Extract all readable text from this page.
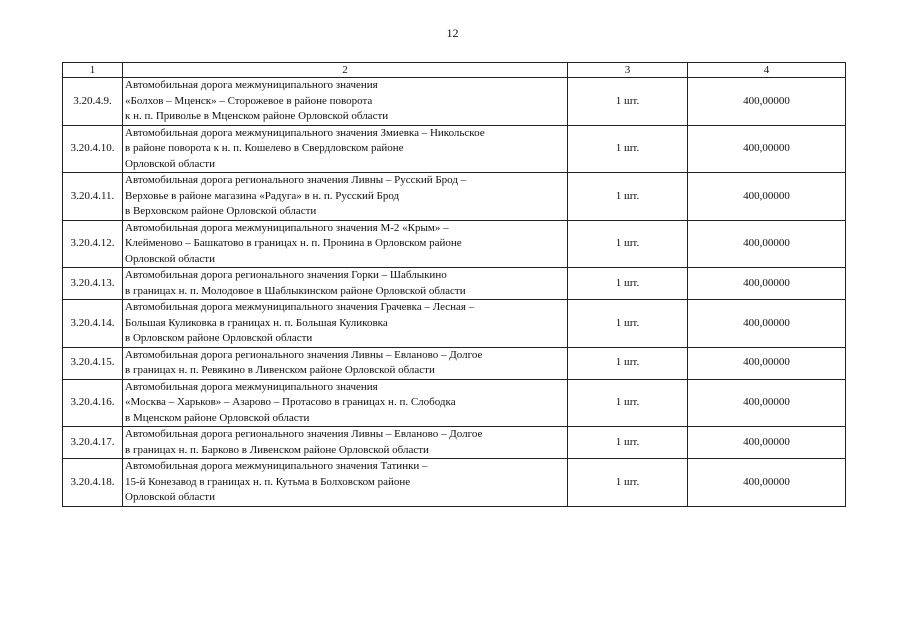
12
1	2	3	4
3.20.4.9.	Автомобильная дорога межмуниципального значения
«Болхов – Мценск» – Сторожевое в районе поворота
к н. п. Приволье в Мценском районе Орловской области	1 шт.	400,00000
3.20.4.10.	Автомобильная дорога межмуниципального значения Змиевка – Никольское
в районе поворота к н. п. Кошелево в Свердловском районе
Орловской области	1 шт.	400,00000
3.20.4.11.	Автомобильная дорога регионального значения Ливны – Русский Брод –
Верховье в районе магазина «Радуга» в н. п. Русский Брод
в Верховском районе Орловской области	1 шт.	400,00000
3.20.4.12.	Автомобильная дорога межмуниципального значения М-2 «Крым» –
Клейменово – Башкатово в границах н. п. Пронина в Орловском районе
Орловской области	1 шт.	400,00000
3.20.4.13.	Автомобильная дорога регионального значения Горки – Шаблыкино
в границах н. п. Молодовое в Шаблыкинском районе Орловской области	1 шт.	400,00000
3.20.4.14.	Автомобильная дорога межмуниципального значения Грачевка – Лесная –
Большая Куликовка в границах н. п. Большая Куликовка
в Орловском районе Орловской области	1 шт.	400,00000
3.20.4.15.	Автомобильная дорога регионального значения Ливны – Евланово – Долгое
в границах н. п. Ревякино в Ливенском районе Орловской области	1 шт.	400,00000
3.20.4.16.	Автомобильная дорога межмуниципального значения
«Москва – Харьков» – Азарово – Протасово в границах н. п. Слободка
в Мценском районе Орловской области	1 шт.	400,00000
3.20.4.17.	Автомобильная дорога регионального значения Ливны – Евланово – Долгое
в границах н. п. Барково в Ливенском районе Орловской области	1 шт.	400,00000
3.20.4.18.	Автомобильная дорога межмуниципального значения Татинки –
15-й Конезавод в границах н. п. Кутьма в Болховском районе
Орловской области	1 шт.	400,00000
